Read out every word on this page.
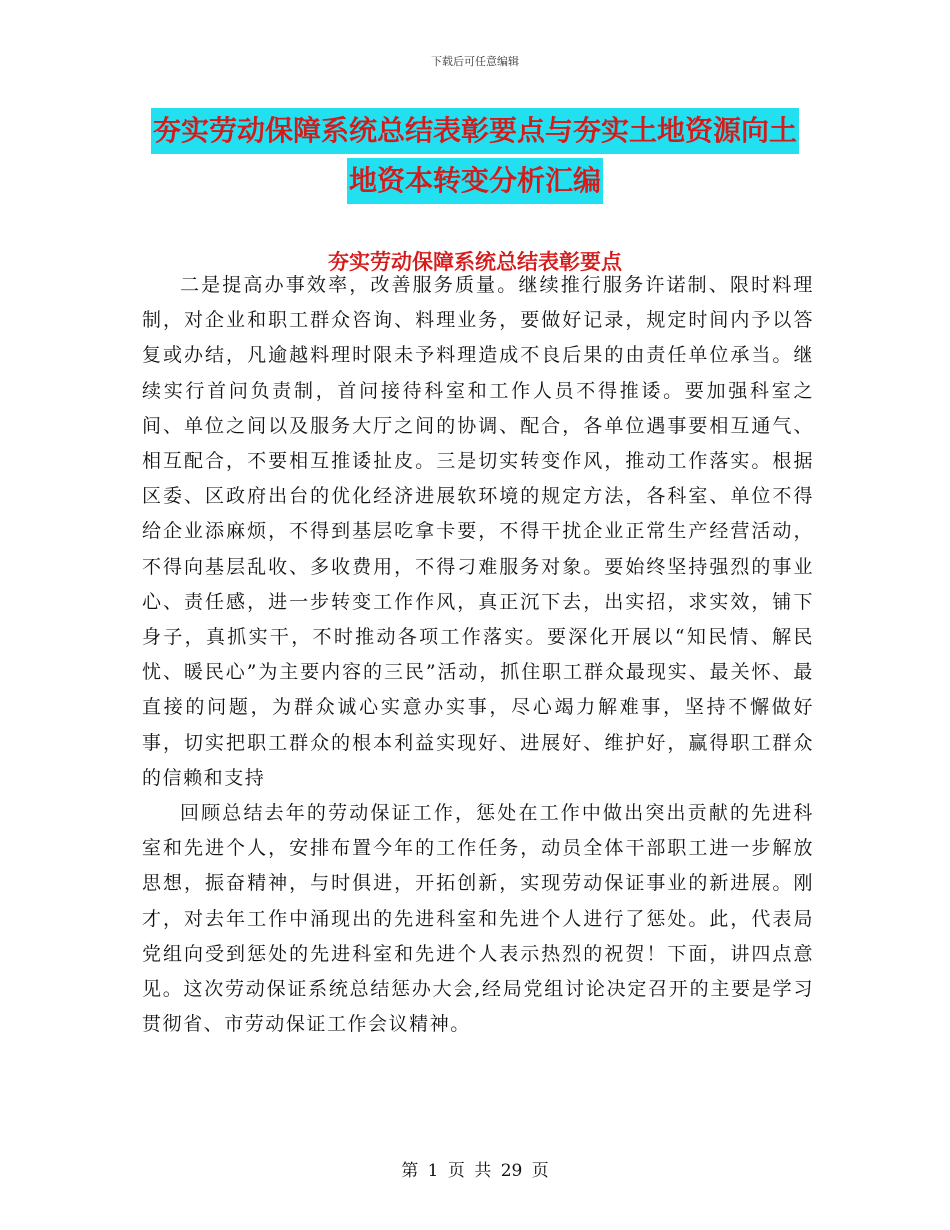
下载后可任意编辑
夯实劳动保障系统总结表彰要点与夯实土地资源向土
地资本转变分析汇编
夯实劳动保障系统总结表彰要点

二是提高办事效率，改善服务质量。继续推行服务许诺制、限时料理制，对企业和职工群众咨询、料理业务，要做好记录，规定时间内予以答复或办结，凡逾越料理时限未予料理造成不良后果的由责任单位承当。继续实行首问负责制，首问接待科室和工作人员不得推诿。要加强科室之间、单位之间以及服务大厅之间的协调、配合，各单位遇事要相互通气、相互配合，不要相互推诿扯皮。三是切实转变作风，推动工作落实。根据区委、区政府出台的优化经济进展软环境的规定方法，各科室、单位不得给企业添麻烦，不得到基层吃拿卡要，不得干扰企业正常生产经营活动，不得向基层乱收、多收费用，不得刁难服务对象。要始终坚持强烈的事业心、责任感，进一步转变工作作风，真正沉下去，出实招，求实效，铺下身子，真抓实干，不时推动各项工作落实。要深化开展以“知民情、解民忧、暖民心”为主要内容的三民”活动，抓住职工群众最现实、最关怀、最直接的问题，为群众诚心实意办实事，尽心竭力解难事，坚持不懈做好事，切实把职工群众的根本利益实现好、进展好、维护好，赢得职工群众的信赖和支持

回顾总结去年的劳动保证工作，惩处在工作中做出突出贡献的先进科室和先进个人，安排布置今年的工作任务，动员全体干部职工进一步解放思想，振奋精神，与时俱进，开拓创新，实现劳动保证事业的新进展。刚才，对去年工作中涌现出的先进科室和先进个人进行了惩处。此，代表局党组向受到惩处的先进科室和先进个人表示热烈的祝贺！下面，讲四点意见。这次劳动保证系统总结惩办大会,经局党组讨论决定召开的主要是学习贯彻省、市劳动保证工作会议精神。

第 1 页 共 29 页
